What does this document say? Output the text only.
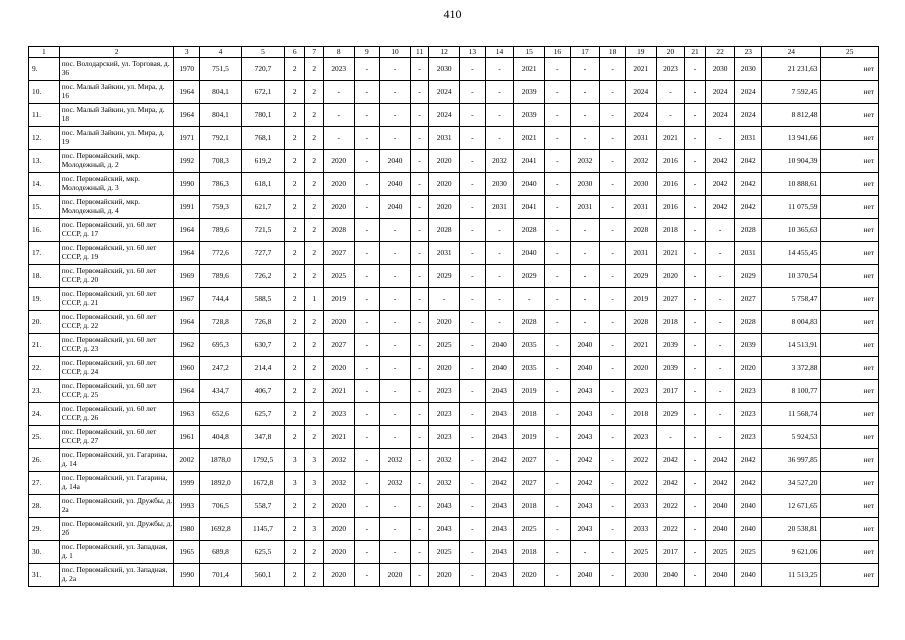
410
1	2	3	4	5	6	7	8	9	10	11	12	13	14	15	16	17	18	19	20	21	22	23	24	25
9.	пос. Володарский, ул. Торговая, д. 36	1970	751,5	720,7	2	2	2023	-	-	-	2030	-	-	2021	-	-	-	2021	2023	-	2030	2030	21 231,63	нет
10.	пос. Малый Зайкин, ул. Мира, д. 16	1964	804,1	672,1	2	2	-	-	-	-	2024	-	-	2039	-	-	-	2024	-	-	2024	2024	7 592,45	нет
11.	пос. Малый Зайкин, ул. Мира, д. 18	1964	804,1	780,1	2	2	-	-	-	-	2024	-	-	2039	-	-	-	2024	-	-	2024	2024	8 812,48	нет
12.	пос. Малый Зайкин, ул. Мира, д. 19	1971	792,1	768,1	2	2	-	-	-	-	2031	-	-	2021	-	-	-	2031	2021	-	-	2031	13 941,66	нет
13.	пос. Первомайский, мкр. Молодежный, д. 2	1992	708,3	619,2	2	2	2020	-	2040	-	2020	-	2032	2041	-	2032	-	2032	2016	-	2042	2042	10 904,39	нет
14.	пос. Первомайский, мкр. Молодежный, д. 3	1990	786,3	618,1	2	2	2020	-	2040	-	2020	-	2030	2040	-	2030	-	2030	2016	-	2042	2042	10 888,61	нет
15.	пос. Первомайский, мкр. Молодежный, д. 4	1991	759,3	621,7	2	2	2020	-	2040	-	2020	-	2031	2041	-	2031	-	2031	2016	-	2042	2042	11 075,59	нет
16.	пос. Первомайский, ул. 60 лет СССР, д. 17	1964	789,6	721,5	2	2	2028	-	-	-	2028	-	-	2028	-	-	-	2028	2018	-	-	2028	10 365,63	нет
17.	пос. Первомайский, ул. 60 лет СССР, д. 19	1964	772,6	727,7	2	2	2027	-	-	-	2031	-	-	2040	-	-	-	2031	2021	-	-	2031	14 455,45	нет
18.	пос. Первомайский, ул. 60 лет СССР, д. 20	1969	789,6	726,2	2	2	2025	-	-	-	2029	-	-	2029	-	-	-	2029	2020	-	-	2029	10 370,54	нет
19.	пос. Первомайский, ул. 60 лет СССР, д. 21	1967	744,4	588,5	2	1	2019	-	-	-	-	-	-	-	-	-	-	2019	2027	-	-	2027	5 758,47	нет
20.	пос. Первомайский, ул. 60 лет СССР, д. 22	1964	728,8	726,8	2	2	2020	-	-	-	2020	-	-	2028	-	-	-	2028	2018	-	-	2028	8 004,83	нет
21.	пос. Первомайский, ул. 60 лет СССР, д. 23	1962	695,3	630,7	2	2	2027	-	-	-	2025	-	2040	2035	-	2040	-	2021	2039	-	-	2039	14 513,91	нет
22.	пос. Первомайский, ул. 60 лет СССР, д. 24	1960	247,2	214,4	2	2	2020	-	-	-	2020	-	2040	2035	-	2040	-	2020	2039	-	-	2020	3 372,88	нет
23.	пос. Первомайский, ул. 60 лет СССР, д. 25	1964	434,7	406,7	2	2	2021	-	-	-	2023	-	2043	2019	-	2043	-	2023	2017	-	-	2023	8 100,77	нет
24.	пос. Первомайский, ул. 60 лет СССР, д. 26	1963	652,6	625,7	2	2	2023	-	-	-	2023	-	2043	2018	-	2043	-	2018	2029	-	-	2023	11 568,74	нет
25.	пос. Первомайский, ул. 60 лет СССР, д. 27	1961	404,8	347,8	2	2	2021	-	-	-	2023	-	2043	2019	-	2043	-	2023	-	-	-	2023	5 924,53	нет
26.	пос. Первомайский, ул. Гагарина, д. 14	2002	1878,0	1792,5	3	3	2032	-	2032	-	2032	-	2042	2027	-	2042	-	2022	2042	-	2042	2042	36 997,85	нет
27.	пос. Первомайский, ул. Гагарина, д. 14а	1999	1892,0	1672,8	3	3	2032	-	2032	-	2032	-	2042	2027	-	2042	-	2022	2042	-	2042	2042	34 527,20	нет
28.	пос. Первомайский, ул. Дружбы, д. 2а	1993	706,5	558,7	2	2	2020	-	-	-	2043	-	2043	2018	-	2043	-	2033	2022	-	2040	2040	12 671,65	нет
29.	пос. Первомайский, ул. Дружбы, д. 2б	1980	1692,8	1145,7	2	3	2020	-	-	-	2043	-	2043	2025	-	2043	-	2033	2022	-	2040	2040	20 538,81	нет
30.	пос. Первомайский, ул. Западная, д. 1	1965	689,8	625,5	2	2	2020	-	-	-	2025	-	2043	2018	-	-	-	2025	2017	-	2025	2025	9 621,06	нет
31.	пос. Первомайский, ул. Западная, д. 2а	1990	701,4	560,1	2	2	2020	-	2020	-	2020	-	2043	2020	-	2040	-	2030	2040	-	2040	2040	11 513,25	нет
